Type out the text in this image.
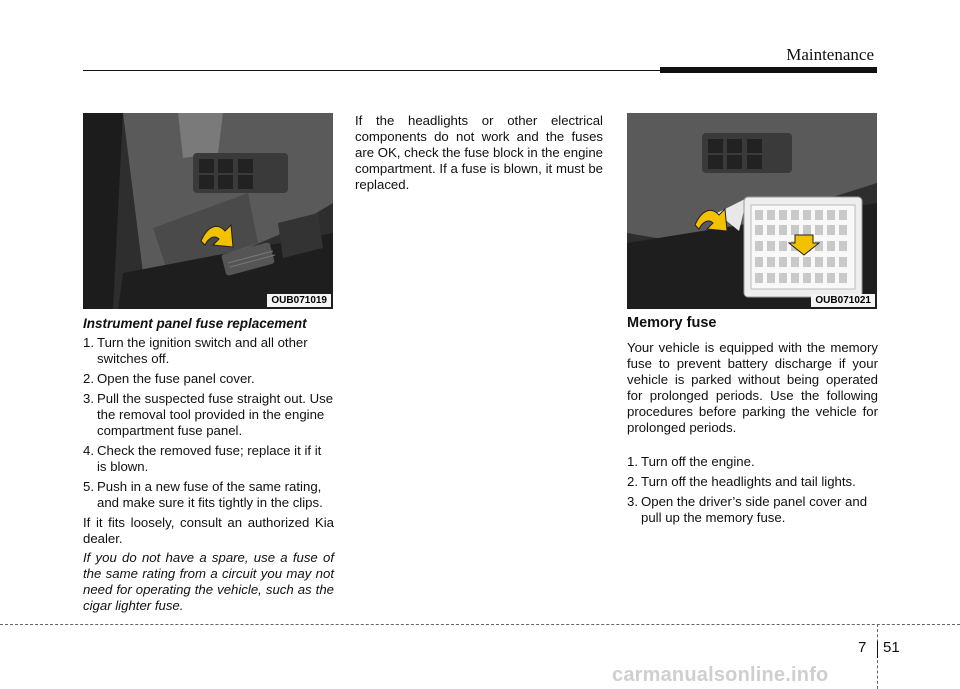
Maintenance
OUB071019	OUB071021

Instrument panel fuse replacement

1. Turn the ignition switch and all other switches off.
2. Open the fuse panel cover.
3. Pull the suspected fuse straight out. Use the removal tool provided in the engine compartment fuse panel.
4. Check the removed fuse; replace it if it is blown.
5. Push in a new fuse of the same rating, and make sure it fits tightly in the clips.

If it fits loosely, consult an authorized Kia dealer.

If you do not have a spare, use a fuse of the same rating from a circuit you may not need for operating the vehicle, such as the cigar lighter fuse.

If the headlights or other electrical components do not work and the fuses are OK, check the fuse block in the engine compartment. If a fuse is blown, it must be replaced.

Memory fuse

Your vehicle is equipped with the memory fuse to prevent battery discharge if your vehicle is parked without being operated for prolonged periods. Use the following procedures before parking the vehicle for prolonged periods.

1. Turn off the engine.
2. Turn off the headlights and tail lights.
3. Open the driver’s side panel cover and pull up the memory fuse.
7 51
carmanualsonline.info
